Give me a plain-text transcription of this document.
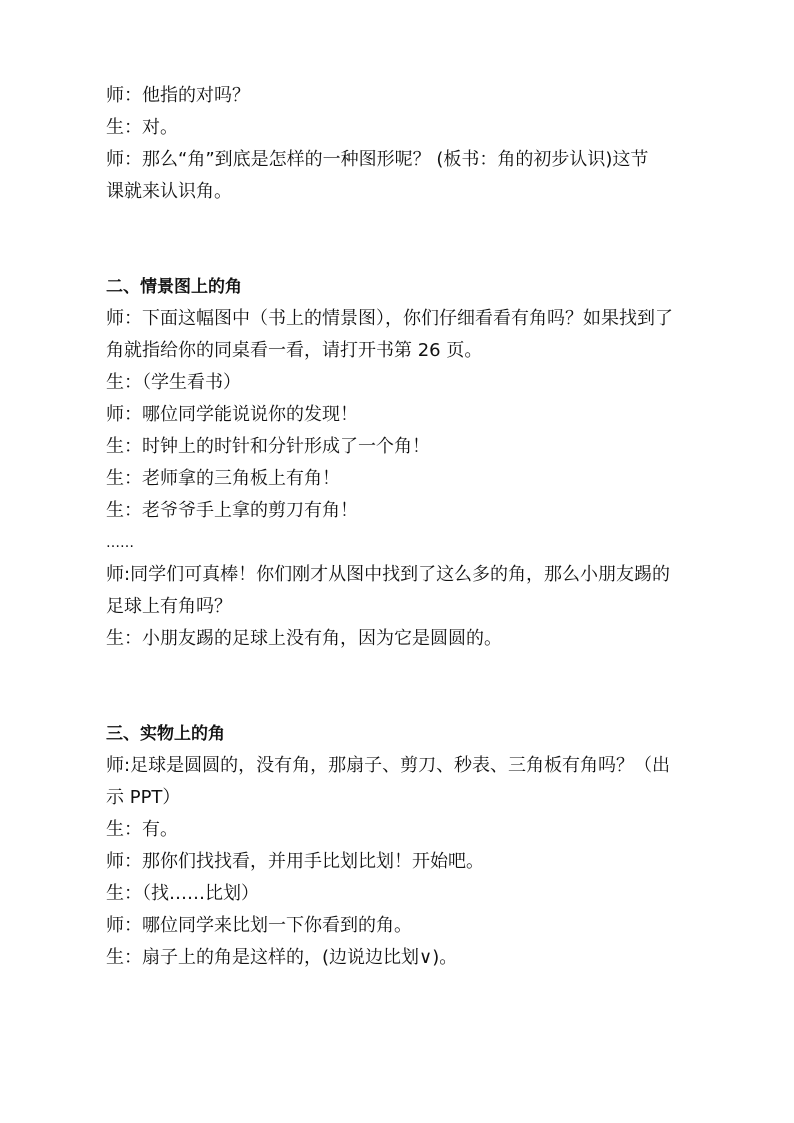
师：他指的对吗？
生：对。
师：那么“角”到底是怎样的一种图形呢？ (板书：角的初步认识)这节
课就来认识角。
二、情景图上的角
师：下面这幅图中（书上的情景图），你们仔细看看有角吗？如果找到了
角就指给你的同桌看一看，请打开书第 26 页。
生：（学生看书）
师：哪位同学能说说你的发现！
生：时钟上的时针和分针形成了一个角！
生：老师拿的三角板上有角！
生：老爷爷手上拿的剪刀有角！
……
师:同学们可真棒！你们刚才从图中找到了这么多的角，那么小朋友踢的
足球上有角吗？
生：小朋友踢的足球上没有角，因为它是圆圆的。
三、实物上的角
师:足球是圆圆的，没有角，那扇子、剪刀、秒表、三角板有角吗？（出
示 PPT）
生：有。
师：那你们找找看，并用手比划比划！开始吧。
生：（找……比划）
师：哪位同学来比划一下你看到的角。
生：扇子上的角是这样的，(边说边比划∨)。
